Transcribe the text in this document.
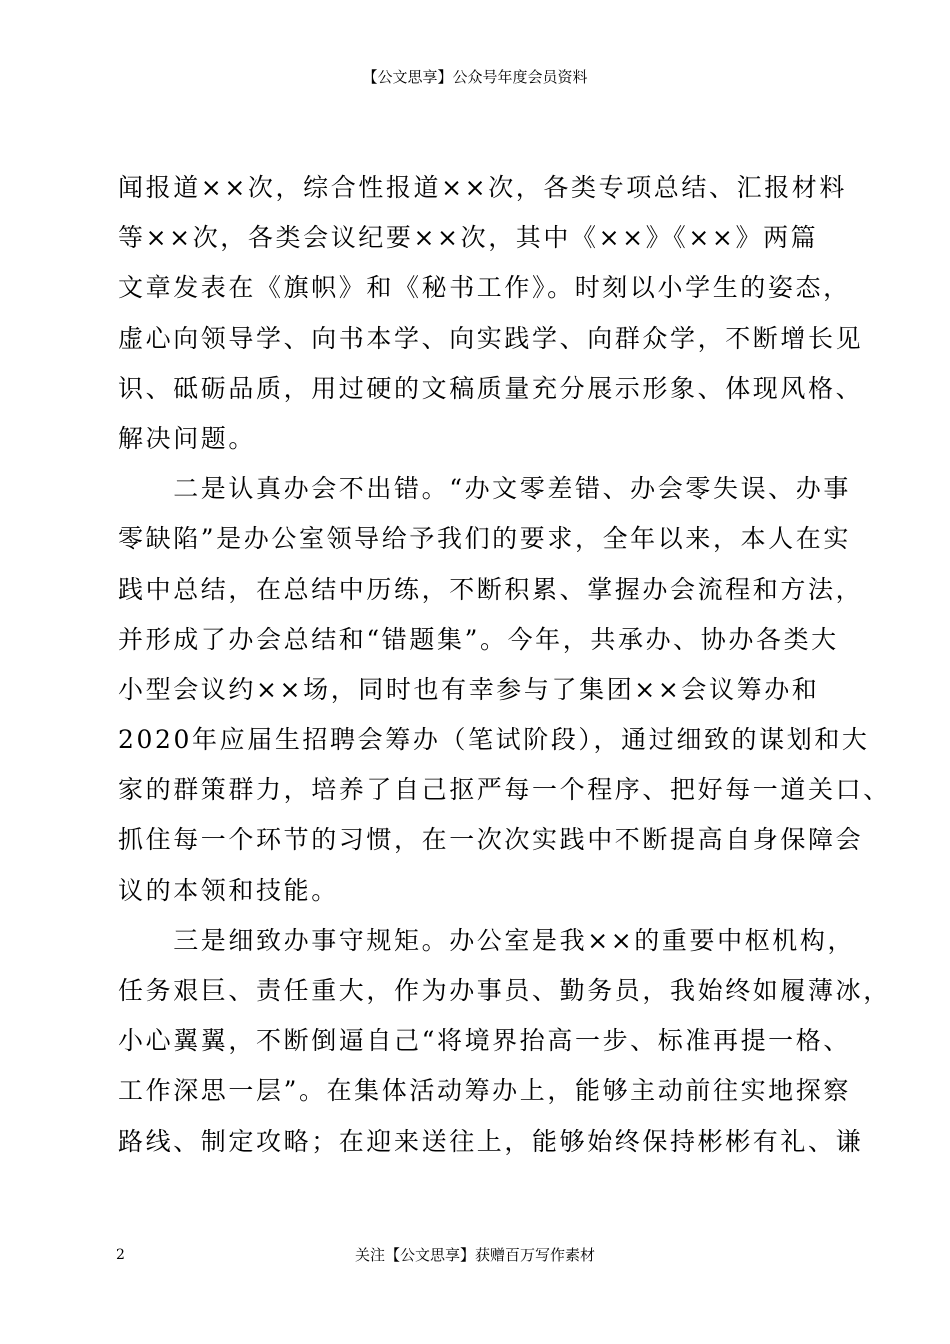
【公文思享】公众号年度会员资料
闻报道××次，综合性报道××次，各类专项总结、汇报材料
等××次，各类会议纪要××次，其中《××》《××》两篇
文章发表在《旗帜》和《秘书工作》。时刻以小学生的姿态，
虚心向领导学、向书本学、向实践学、向群众学，不断增长见
识、砥砺品质，用过硬的文稿质量充分展示形象、体现风格、
解决问题。
　　二是认真办会不出错。“办文零差错、办会零失误、办事
零缺陷”是办公室领导给予我们的要求，全年以来，本人在实
践中总结，在总结中历练，不断积累、掌握办会流程和方法，
并形成了办会总结和“错题集”。今年，共承办、协办各类大
小型会议约××场，同时也有幸参与了集团××会议筹办和
2020年应届生招聘会筹办（笔试阶段），通过细致的谋划和大
家的群策群力，培养了自己抠严每一个程序、把好每一道关口、
抓住每一个环节的习惯，在一次次实践中不断提高自身保障会
议的本领和技能。
　　三是细致办事守规矩。办公室是我××的重要中枢机构，
任务艰巨、责任重大，作为办事员、勤务员，我始终如履薄冰，
小心翼翼，不断倒逼自己“将境界抬高一步、标准再提一格、
工作深思一层”。在集体活动筹办上，能够主动前往实地探察
路线、制定攻略；在迎来送往上，能够始终保持彬彬有礼、谦
2	关注【公文思享】获赠百万写作素材
